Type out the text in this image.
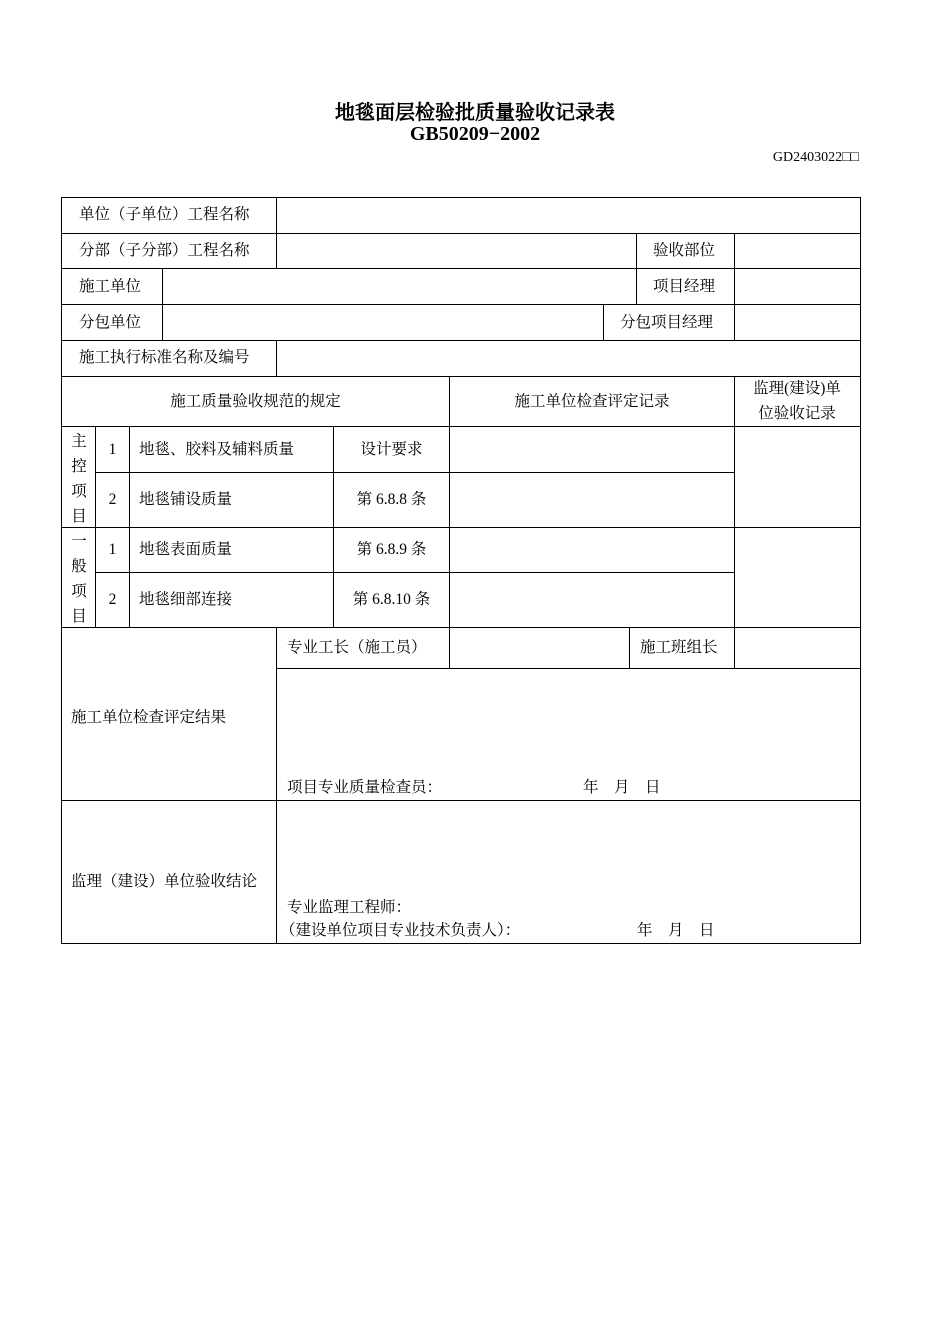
地毯面层检验批质量验收记录表
GB50209−2002
GD2403022□□
单位（子单位）工程名称
分部（子分部）工程名称	验收部位
施工单位	项目经理
分包单位	分包项目经理
施工执行标准名称及编号
施工质量验收规范的规定	施工单位检查评定记录
监理(建设)单
位验收记录
主
控
项
目
1	地毯、胶料及辅料质量	设计要求
2	地毯铺设质量	第 6.8.8 条
一
般
项
目
1	地毯表面质量	第 6.8.9 条
2	地毯细部连接	第 6.8.10 条
专业工长（施工员）	施工班组长
施工单位检查评定结果
项目专业质量检查员：	年　月　日
监理（建设）单位验收结论
专业监理工程师：
（建设单位项目专业技术负责人）：	年　月　日
